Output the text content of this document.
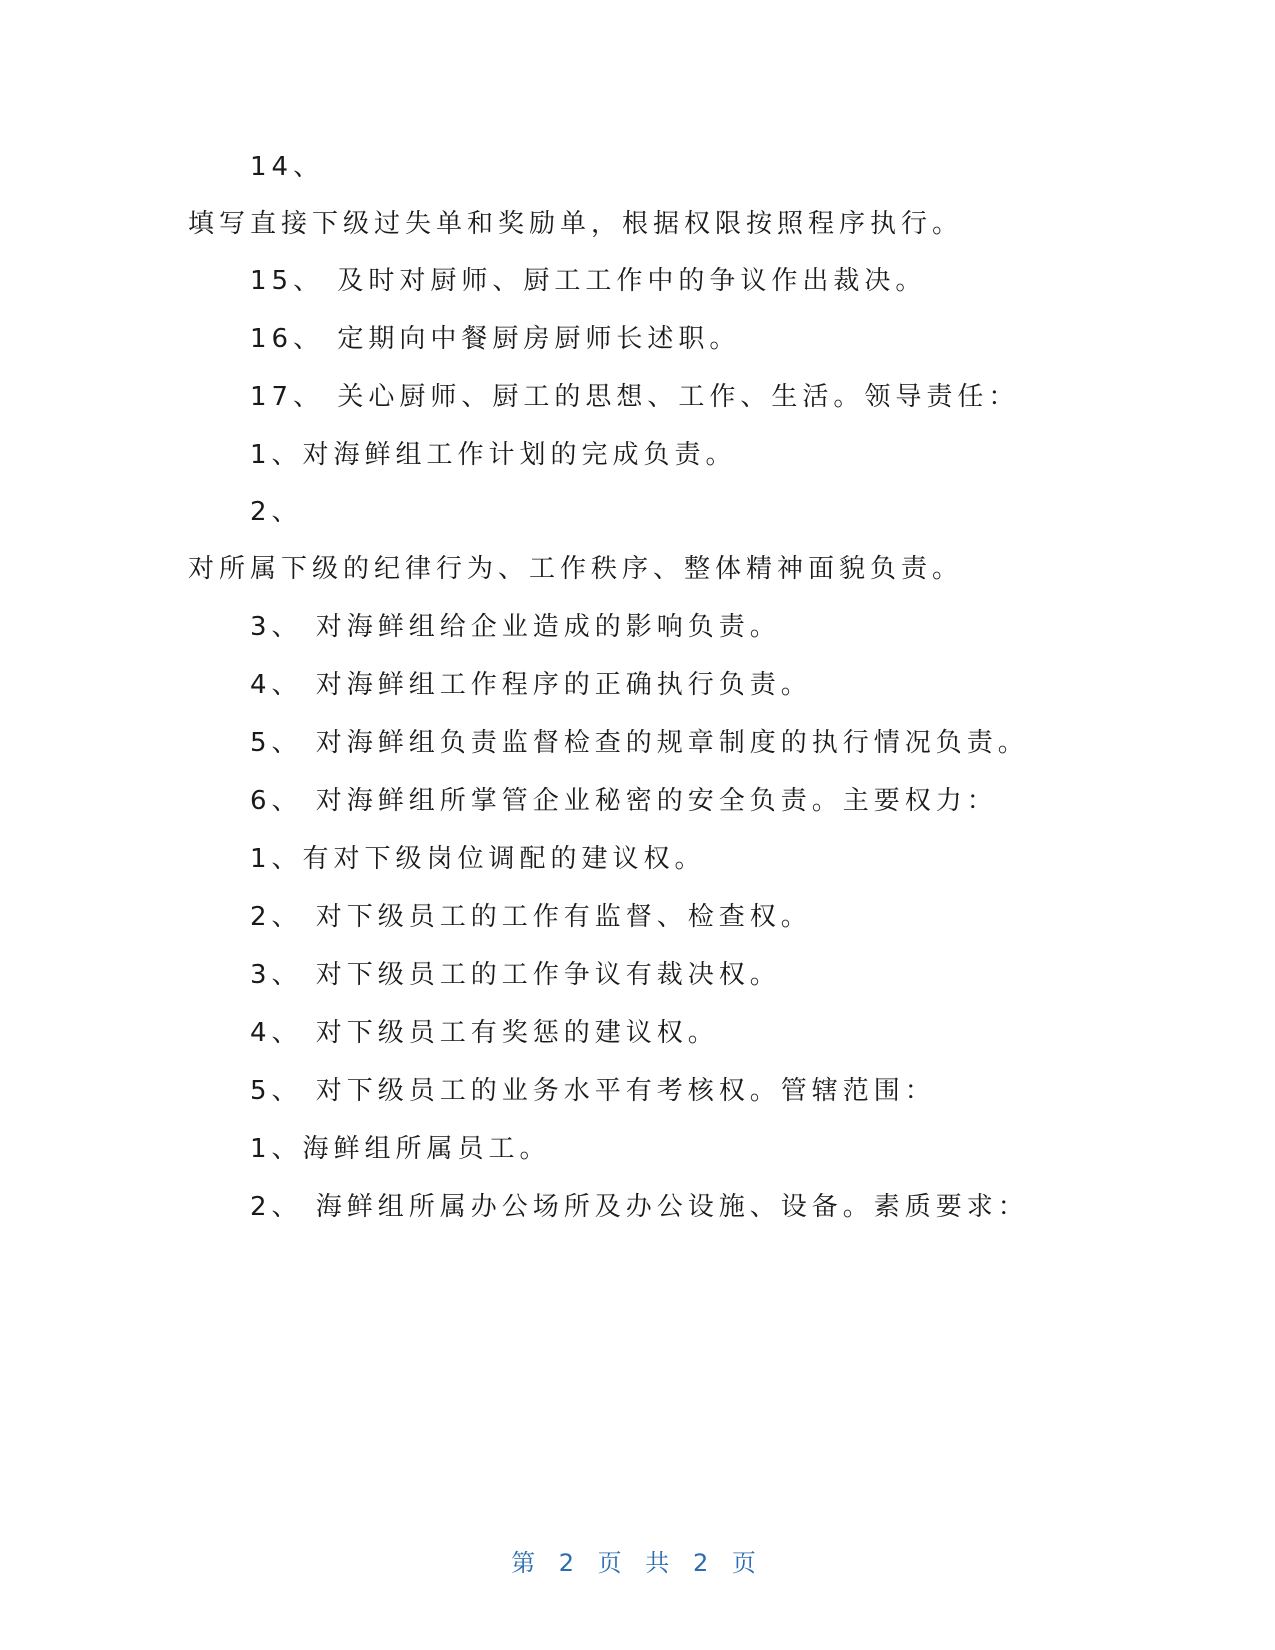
14、
填写直接下级过失单和奖励单，根据权限按照程序执行。
15、 及时对厨师、厨工工作中的争议作出裁决。
16、 定期向中餐厨房厨师长述职。
17、 关心厨师、厨工的思想、工作、生活。领导责任：
1、对海鲜组工作计划的完成负责。
2、
对所属下级的纪律行为、工作秩序、整体精神面貌负责。
3、 对海鲜组给企业造成的影响负责。
4、 对海鲜组工作程序的正确执行负责。
5、 对海鲜组负责监督检查的规章制度的执行情况负责。
6、 对海鲜组所掌管企业秘密的安全负责。主要权力：
1、有对下级岗位调配的建议权。
2、 对下级员工的工作有监督、检查权。
3、 对下级员工的工作争议有裁决权。
4、 对下级员工有奖惩的建议权。
5、 对下级员工的业务水平有考核权。管辖范围：
1、海鲜组所属员工。
2、 海鲜组所属办公场所及办公设施、设备。素质要求：
第 2 页 共 2 页
